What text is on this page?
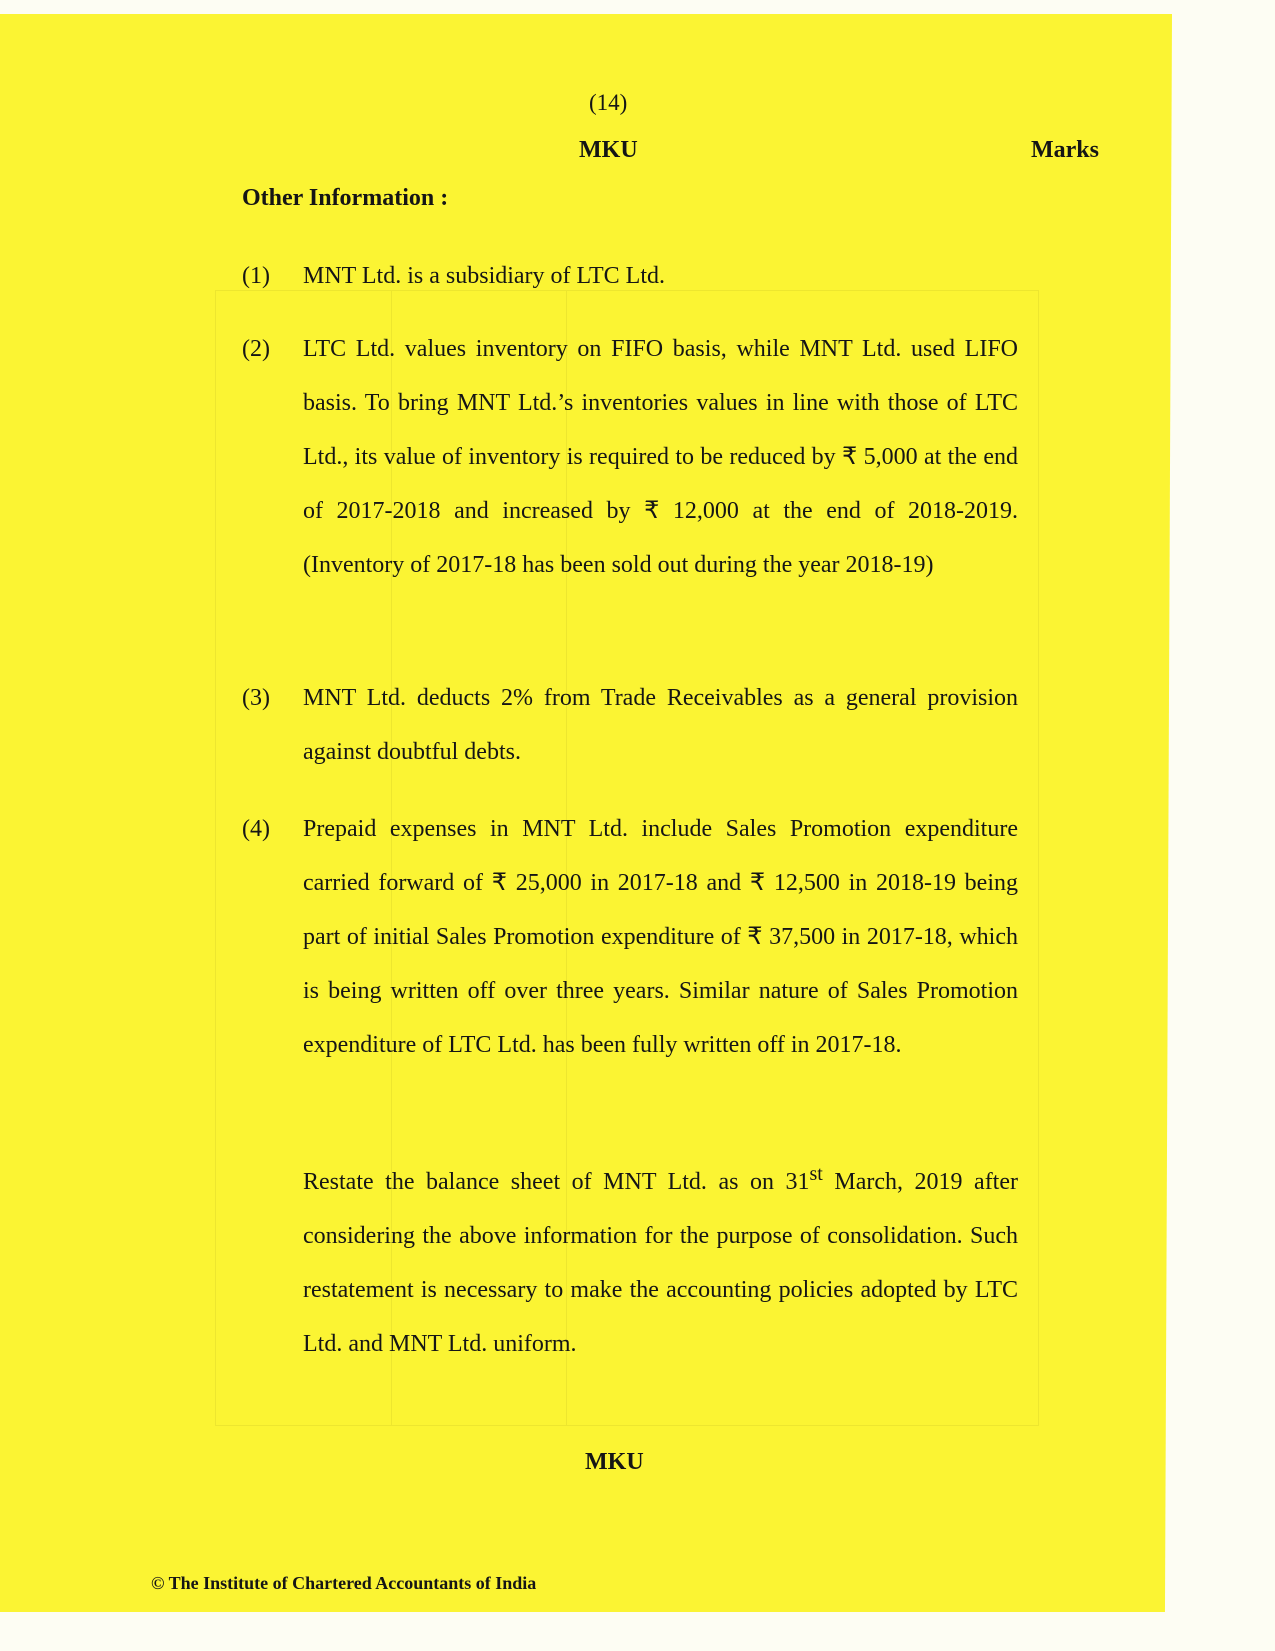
(14)
MKU	Marks
Other Information :
(1) MNT Ltd. is a subsidiary of LTC Ltd.
(2) LTC Ltd. values inventory on FIFO basis, while MNT Ltd. used LIFO basis. To bring MNT Ltd.’s inventories values in line with those of LTC Ltd., its value of inventory is required to be reduced by ₹ 5,000 at the end of 2017-2018 and increased by ₹ 12,000 at the end of 2018-2019. (Inventory of 2017-18 has been sold out during the year 2018-19)
(3) MNT Ltd. deducts 2% from Trade Receivables as a general provision against doubtful debts.
(4) Prepaid expenses in MNT Ltd. include Sales Promotion expenditure carried forward of ₹ 25,000 in 2017-18 and ₹ 12,500 in 2018-19 being part of initial Sales Promotion expenditure of ₹ 37,500 in 2017-18, which is being written off over three years. Similar nature of Sales Promotion expenditure of LTC Ltd. has been fully written off in 2017-18.
Restate the balance sheet of MNT Ltd. as on 31st March, 2019 after considering the above information for the purpose of consolidation. Such restatement is necessary to make the accounting policies adopted by LTC Ltd. and MNT Ltd. uniform.
MKU
© The Institute of Chartered Accountants of India
